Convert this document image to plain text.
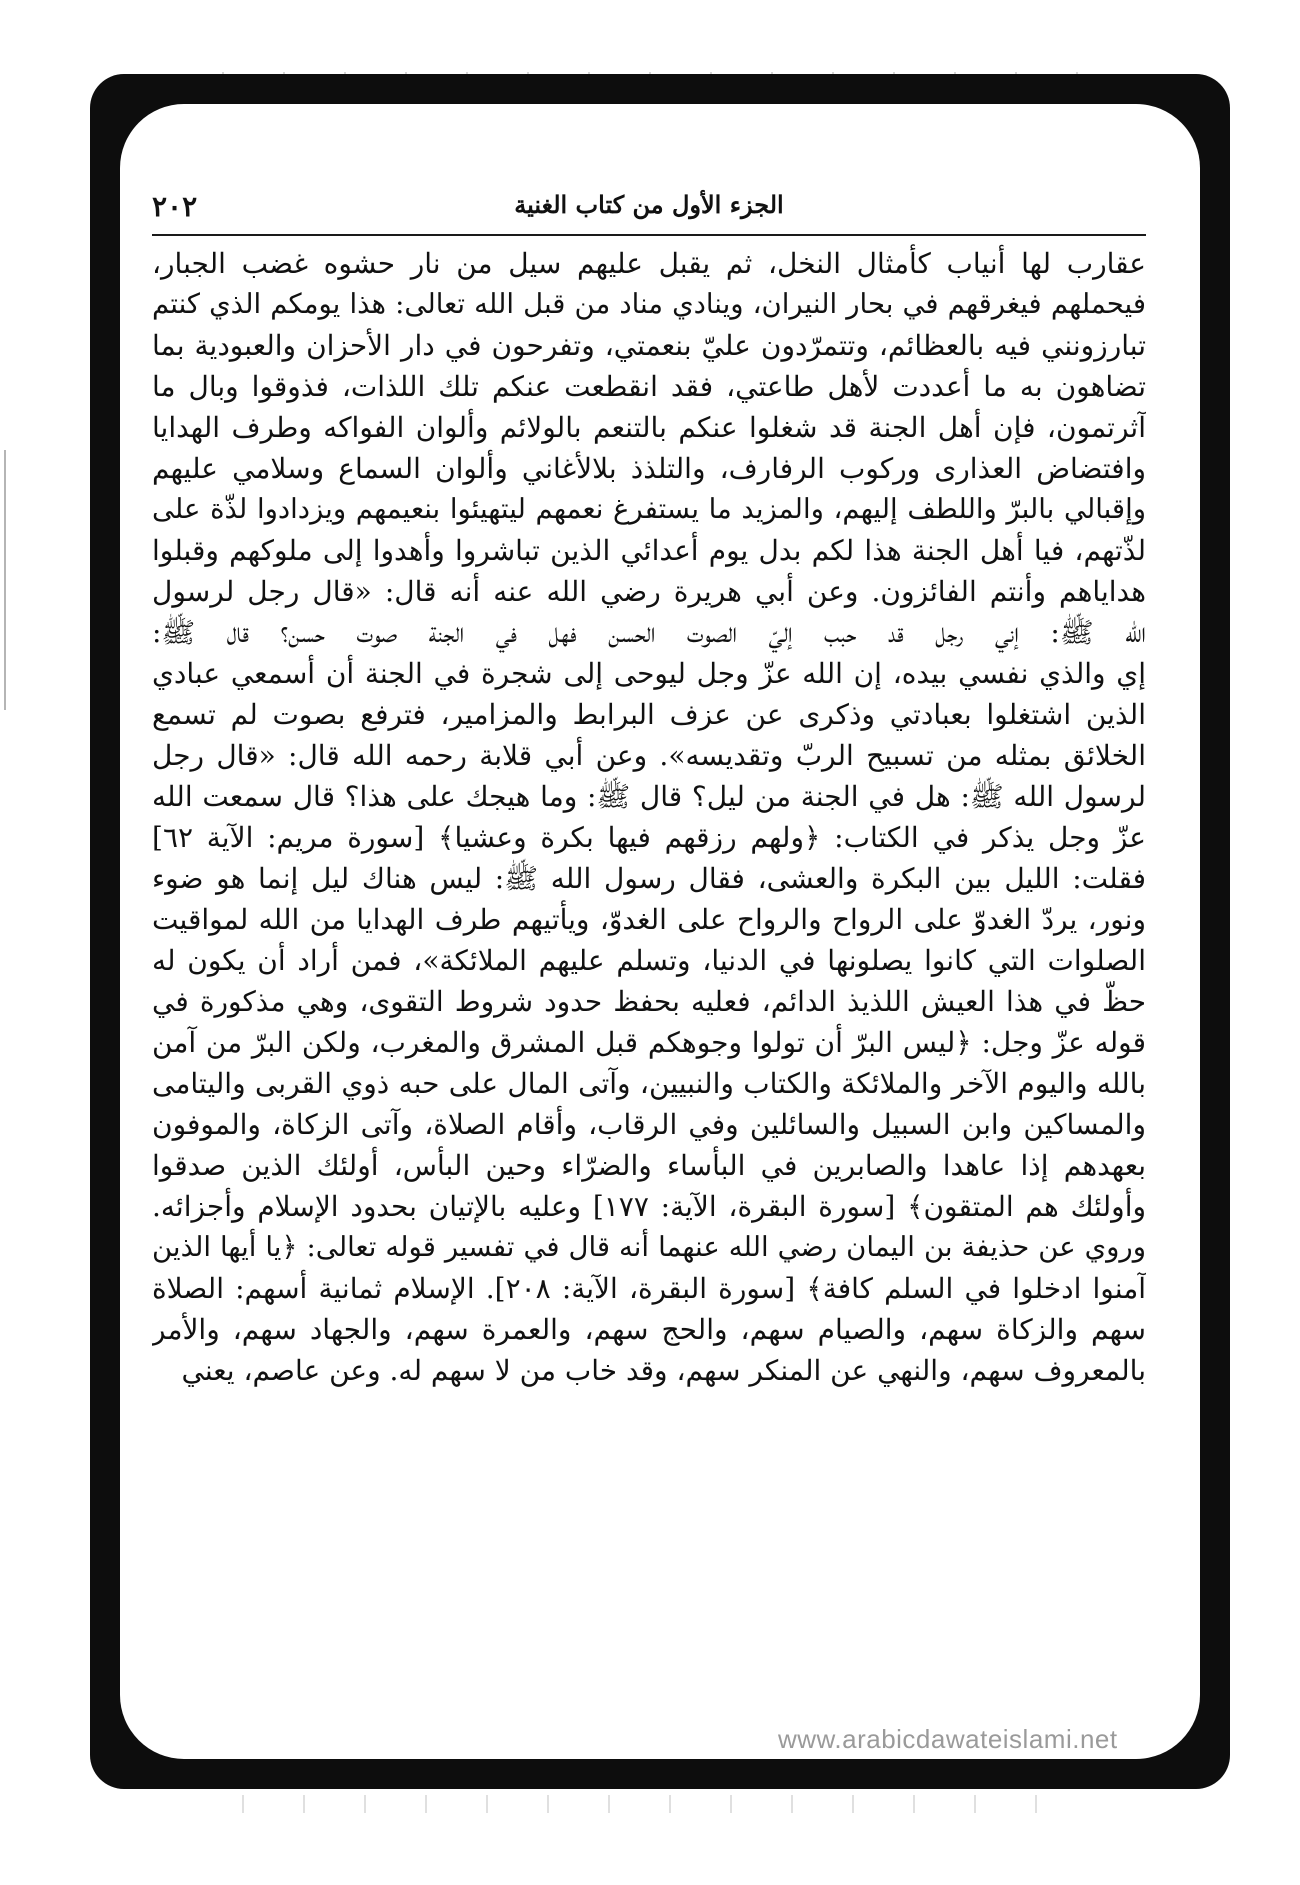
٢٠٢	الجزء الأول من كتاب الغنية
عقارب لها أنياب كأمثال النخل، ثم يقبل عليهم سيل من نار حشوه غضب الجبار،
فيحملهم فيغرقهم في بحار النيران، وينادي مناد من قبل الله تعالى: هذا يومكم الذي كنتم
تبارزونني فيه بالعظائم، وتتمرّدون عليّ بنعمتي، وتفرحون في دار الأحزان والعبودية بما
تضاهون به ما أعددت لأهل طاعتي، فقد انقطعت عنكم تلك اللذات، فذوقوا وبال ما
آثرتمون، فإن أهل الجنة قد شغلوا عنكم بالتنعم بالولائم وألوان الفواكه وطرف الهدايا
وافتضاض العذارى وركوب الرفارف، والتلذذ بلالأغاني وألوان السماع وسلامي عليهم
وإقبالي بالبرّ واللطف إليهم، والمزيد ما يستفرغ نعمهم ليتهيئوا بنعيمهم ويزدادوا لذّة على
لذّتهم، فيا أهل الجنة هذا لكم بدل يوم أعدائي الذين تباشروا وأهدوا إلى ملوكهم وقبلوا
هداياهم وأنتم الفائزون. وعن أبي هريرة رضي الله عنه أنه قال: «قال رجل لرسول
الله ﷺ: إني رجل قد حبب إليّ الصوت الحسن فهل في الجنة صوت حسن؟ قال ﷺ:
إي والذي نفسي بيده، إن الله عزّ وجل ليوحى إلى شجرة في الجنة أن أسمعي عبادي
الذين اشتغلوا بعبادتي وذكرى عن عزف البرابط والمزامير، فترفع بصوت لم تسمع
الخلائق بمثله من تسبيح الربّ وتقديسه». وعن أبي قلابة رحمه الله قال: «قال رجل
لرسول الله ﷺ: هل في الجنة من ليل؟ قال ﷺ: وما هيجك على هذا؟ قال سمعت الله
عزّ وجل يذكر في الكتاب: ﴿ولهم رزقهم فيها بكرة وعشيا﴾ [سورة مريم: الآية ٦٢]
فقلت: الليل بين البكرة والعشى، فقال رسول الله ﷺ: ليس هناك ليل إنما هو ضوء
ونور، يردّ الغدوّ على الرواح والرواح على الغدوّ، ويأتيهم طرف الهدايا من الله لمواقيت
الصلوات التي كانوا يصلونها في الدنيا، وتسلم عليهم الملائكة»، فمن أراد أن يكون له
حظّ في هذا العيش اللذيذ الدائم، فعليه بحفظ حدود شروط التقوى، وهي مذكورة في
قوله عزّ وجل: ﴿ليس البرّ أن تولوا وجوهكم قبل المشرق والمغرب، ولكن البرّ من آمن
بالله واليوم الآخر والملائكة والكتاب والنبيين، وآتى المال على حبه ذوي القربى واليتامى
والمساكين وابن السبيل والسائلين وفي الرقاب، وأقام الصلاة، وآتى الزكاة، والموفون
بعهدهم إذا عاهدا والصابرين في البأساء والضرّاء وحين البأس، أولئك الذين صدقوا
وأولئك هم المتقون﴾ [سورة البقرة، الآية: ١٧٧] وعليه بالإتيان بحدود الإسلام وأجزائه.
وروي عن حذيفة بن اليمان رضي الله عنهما أنه قال في تفسير قوله تعالى: ﴿يا أيها الذين
آمنوا ادخلوا في السلم كافة﴾ [سورة البقرة، الآية: ٢٠٨]. الإسلام ثمانية أسهم: الصلاة
سهم والزكاة سهم، والصيام سهم، والحج سهم، والعمرة سهم، والجهاد سهم، والأمر
بالمعروف سهم، والنهي عن المنكر سهم، وقد خاب من لا سهم له. وعن عاصم، يعني
www.arabicdawateislami.net
